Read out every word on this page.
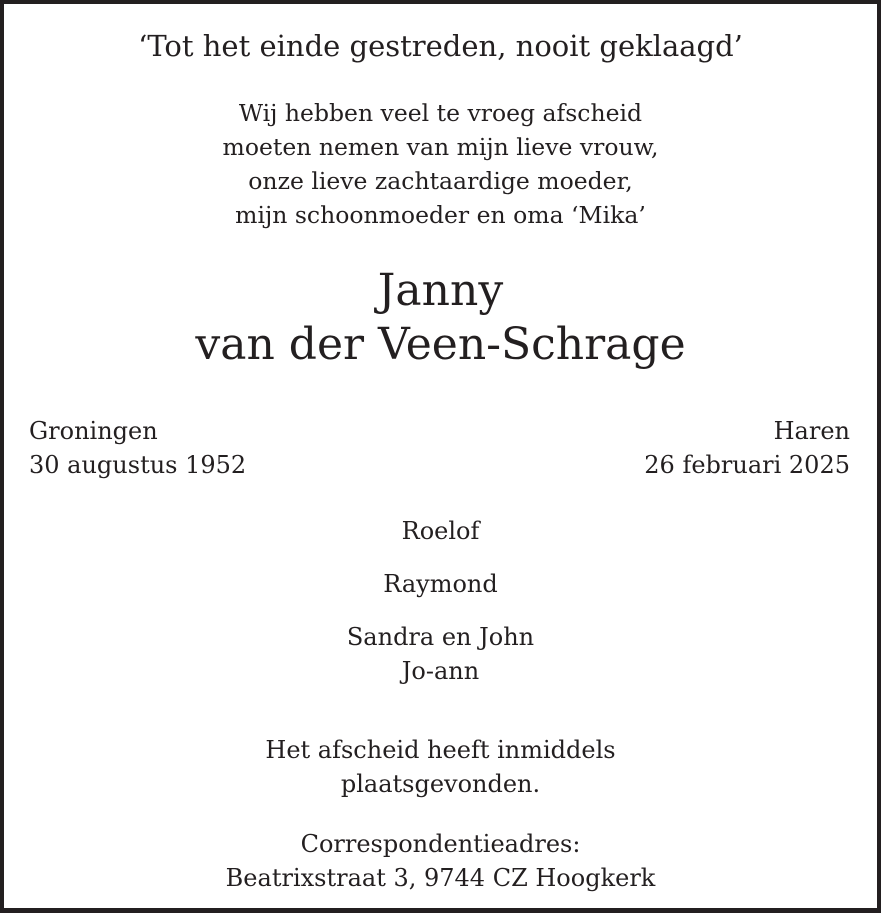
‘Tot het einde gestreden, nooit geklaagd’
Wij hebben veel te vroeg afscheid
moeten nemen van mijn lieve vrouw,
onze lieve zachtaardige moeder,
mijn schoonmoeder en oma ‘Mika’
Janny
van der Veen-Schrage
Groningen
30 augustus 1952
Haren
26 februari 2025
Roelof
Raymond
Sandra en John
Jo-ann
Het afscheid heeft inmiddels
plaatsgevonden.
Correspondentieadres:
Beatrixstraat 3, 9744 CZ Hoogkerk
